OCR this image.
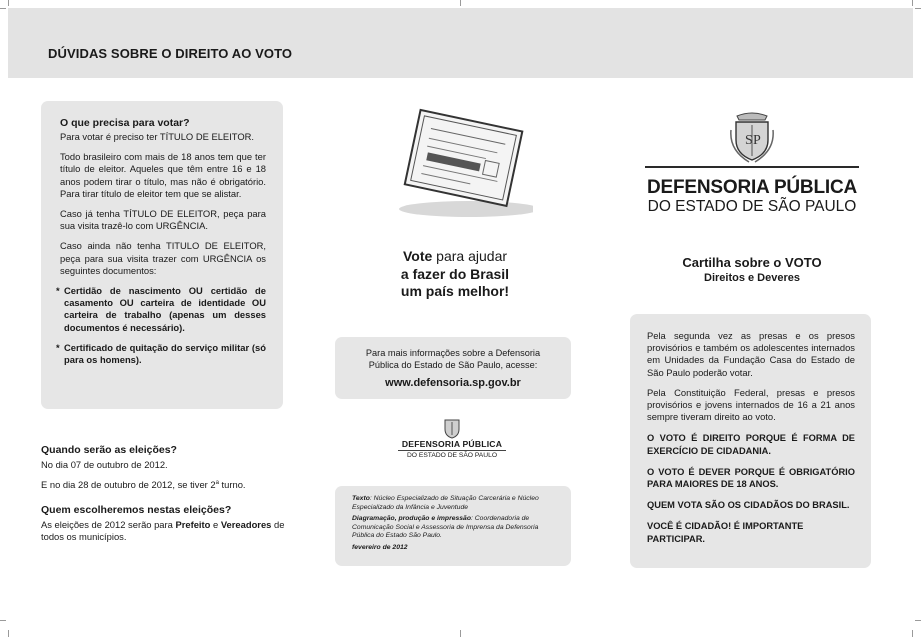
DÚVIDAS SOBRE O DIREITO AO VOTO

O que precisa para votar?

Para votar é preciso ter TÍTULO DE ELEITOR.

Todo brasileiro com mais de 18 anos tem que ter título de eleitor. Aqueles que têm entre 16 e 18 anos podem tirar o título, mas não é obrigatório. Para tirar título de eleitor tem que se alistar.

Caso já tenha TÍTULO DE ELEITOR, peça para sua visita trazê-lo com URGÊNCIA.

Caso ainda não tenha TITULO DE ELEITOR, peça para sua visita trazer com URGÊNCIA os seguintes documentos:

* Certidão de nascimento OU certidão de casamento OU carteira de identidade OU carteira de trabalho (apenas um desses documentos é necessário).

* Certificado de quitação do serviço militar (só para os homens).

Quando serão as eleições?

No dia 07 de outubro de 2012.

E no dia 28 de outubro de 2012, se tiver 2$^a$ turno.

Quem escolheremos nestas eleições?

As eleições de 2012 serão para Prefeito e Vereadores de todos os municípios.

Vote para ajudar
a fazer do Brasil
um país melhor!

Para mais informações sobre a Defensoria

Pública do Estado de São Paulo, acesse:

www.defensoria.sp.gov.br

DEFENSORIA PÚBLICA
DO ESTADO DE SÃO PAULO

Texto: Núcleo Especializado de Situação Carcerária e Núcleo Especializado da Infância e Juventude

Diagramação, produção e impressão: Coordenadoria de Comunicação Social e Assessoria de Imprensa da Defensoria Pública do Estado São Paulo.

fevereiro de 2012

S P
DEFENSORIA PÚBLICA
DO ESTADO DE SÃO PAULO
Cartilha sobre o VOTO
Direitos e Deveres

Pela segunda vez as presas e os presos provisórios e também os adolescentes internados em Unidades da Fundação Casa do Estado de São Paulo poderão votar.

Pela Constituição Federal, presas e presos provisórios e jovens internados de 16 a 21 anos sempre tiveram direito ao voto.

O VOTO É DIREITO PORQUE É FORMA DE EXERCÍCIO DE CIDADANIA.

O VOTO É DEVER PORQUE É OBRIGATÓRIO PARA MAIORES DE 18 ANOS.

QUEM VOTA SÃO OS CIDADÃOS DO BRASIL.

VOCÊ É CIDADÃO! É IMPORTANTE PARTICIPAR.
